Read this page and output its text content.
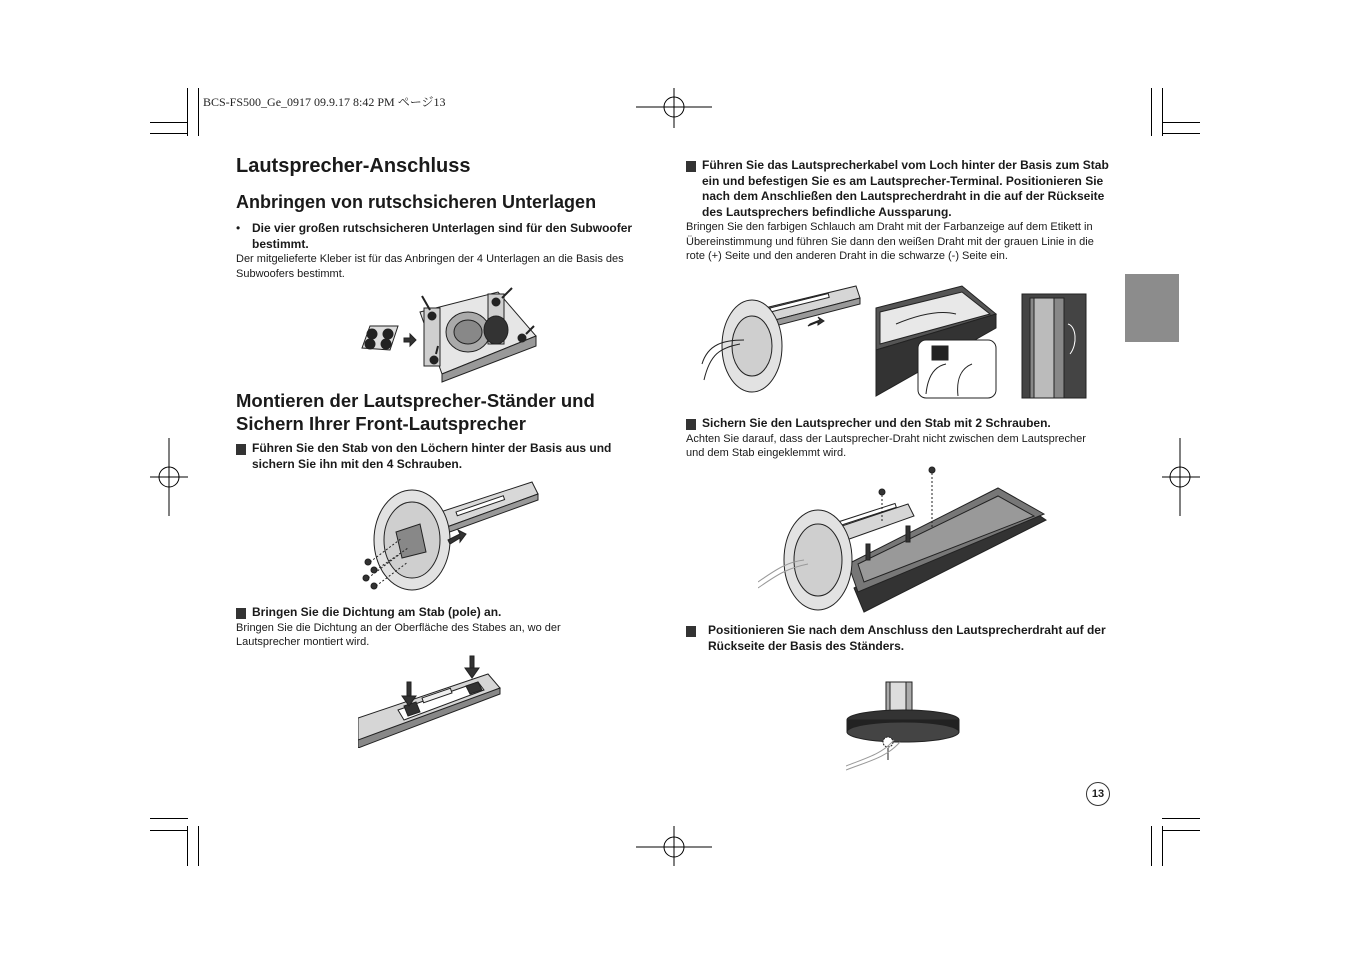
BCS-FS500_Ge_0917 09.9.17 8:42 PM ページ13
Lautsprecher-Anschluss
Anbringen von rutschsicheren Unterlagen
• Die vier großen rutschsicheren Unterlagen sind für den Subwoofer bestimmt.
Der mitgelieferte Kleber ist für das Anbringen der 4 Unterlagen an die Basis des Subwoofers bestimmt.
Montieren der Lautsprecher-Ständer und Sichern Ihrer Front-Lautsprecher
1 Führen Sie den Stab von den Löchern hinter der Basis aus und sichern Sie ihn mit den 4 Schrauben.
2 Bringen Sie die Dichtung am Stab (pole) an.
Bringen Sie die Dichtung an der Oberfläche des Stabes an, wo der Lautsprecher montiert wird.
3 Führen Sie das Lautsprecherkabel vom Loch hinter der Basis zum Stab ein und befestigen Sie es am Lautsprecher-Terminal. Positionieren Sie nach dem Anschließen den Lautsprecherdraht in die auf der Rückseite des Lautsprechers befindliche Aussparung.
Bringen Sie den farbigen Schlauch am Draht mit der Farbanzeige auf dem Etikett in Übereinstimmung und führen Sie dann den weißen Draht mit der grauen Linie in die rote (+) Seite und den anderen Draht in die schwarze (-) Seite ein.
4 Sichern Sie den Lautsprecher und den Stab mit 2 Schrauben.
Achten Sie darauf, dass der Lautsprecher-Draht nicht zwischen dem Lautsprecher und dem Stab eingeklemmt wird.
5 Positionieren Sie nach dem Anschluss den Lautsprecherdraht auf der Rückseite der Basis des Ständers.
13
